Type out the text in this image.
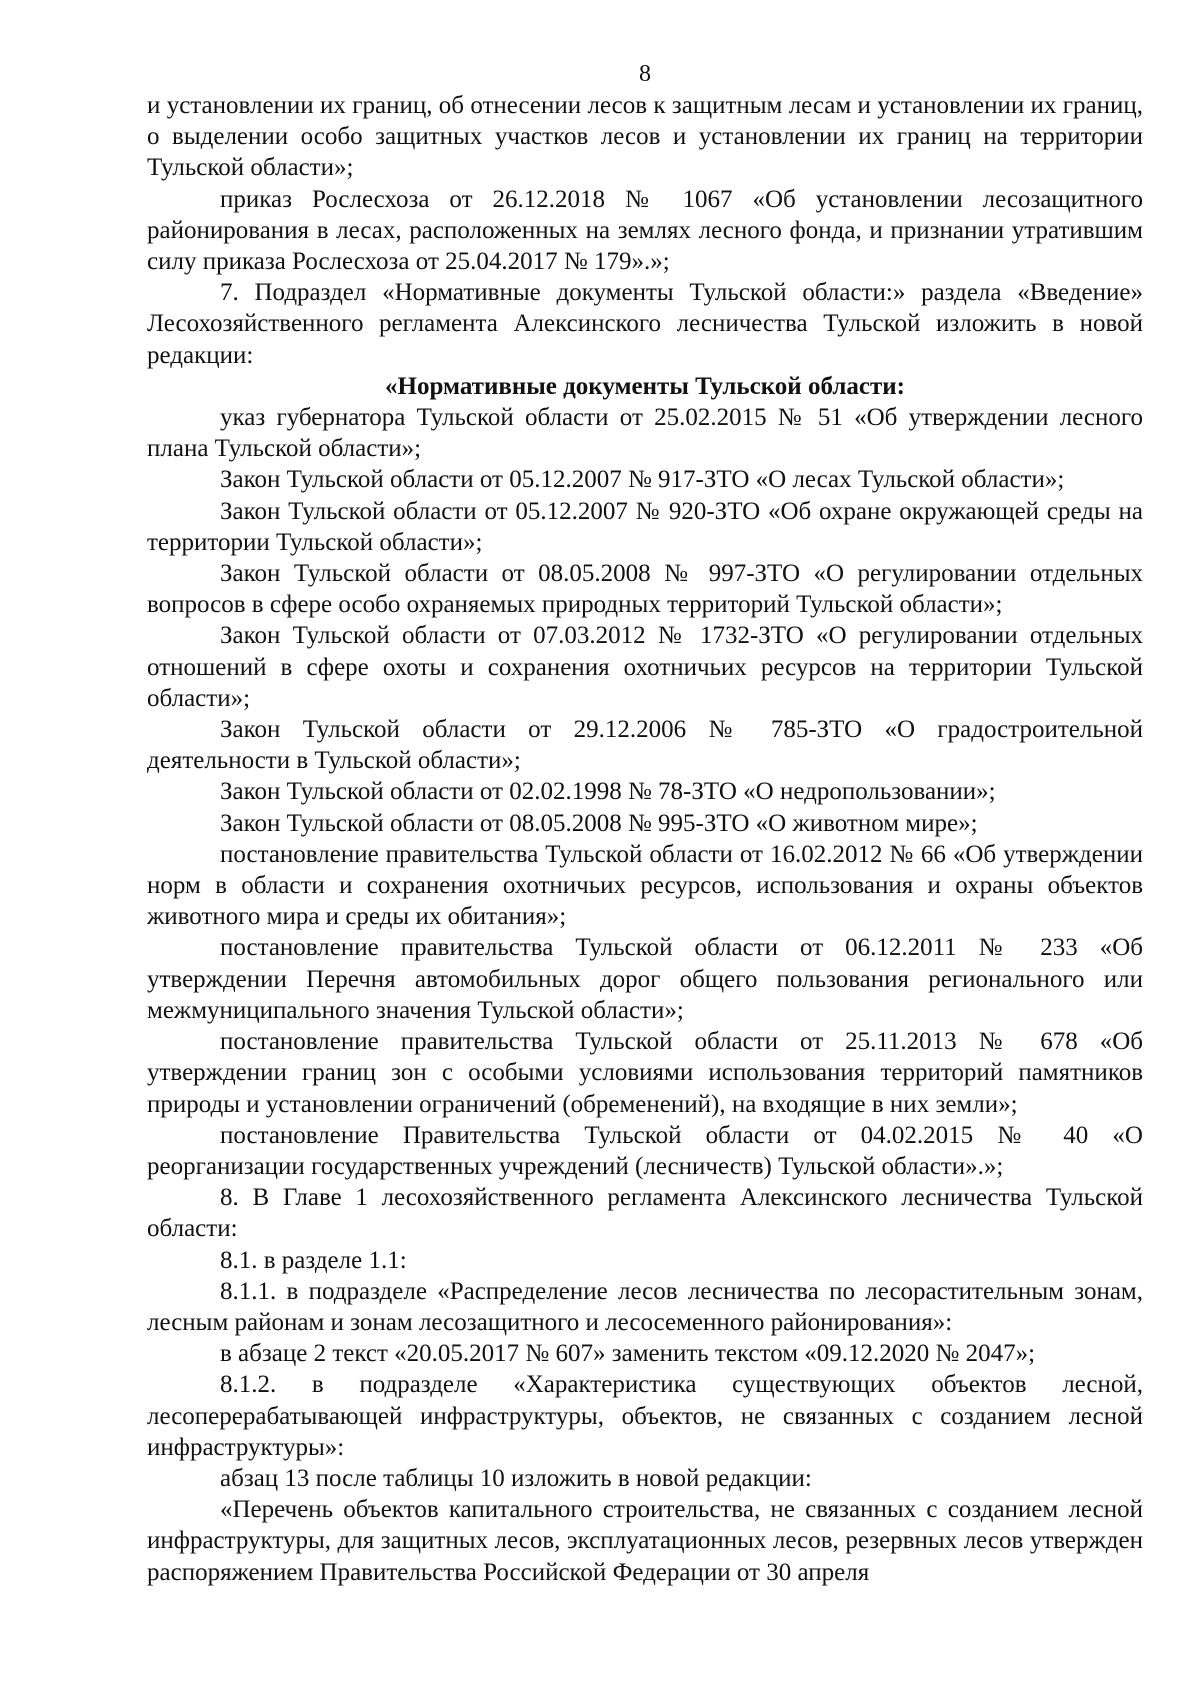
8

и установлении их границ, об отнесении лесов к защитным лесам и установлении их границ, о выделении особо защитных участков лесов и установлении их границ на территории Тульской области»;

приказ Рослесхоза от 26.12.2018 № 1067 «Об установлении лесозащитного районирования в лесах, расположенных на землях лесного фонда, и признании утратившим силу приказа Рослесхоза от 25.04.2017 № 179».»;

7. Подраздел «Нормативные документы Тульской области:» раздела «Введение» Лесохозяйственного регламента Алексинского лесничества Тульской изложить в новой редакции:

«Нормативные документы Тульской области:

указ губернатора Тульской области от 25.02.2015 № 51 «Об утверждении лесного плана Тульской области»;

Закон Тульской области от 05.12.2007 № 917-ЗТО «О лесах Тульской области»;

Закон Тульской области от 05.12.2007 № 920-ЗТО «Об охране окружающей среды на территории Тульской области»;

Закон Тульской области от 08.05.2008 № 997-ЗТО «О регулировании отдельных вопросов в сфере особо охраняемых природных территорий Тульской области»;

Закон Тульской области от 07.03.2012 № 1732-ЗТО «О регулировании отдельных отношений в сфере охоты и сохранения охотничьих ресурсов на территории Тульской области»;

Закон Тульской области от 29.12.2006 № 785-ЗТО «О градостроительной деятельности в Тульской области»;

Закон Тульской области от 02.02.1998 № 78-ЗТО «О недропользовании»;

Закон Тульской области от 08.05.2008 № 995-ЗТО «О животном мире»;

постановление правительства Тульской области от 16.02.2012 № 66 «Об утверждении норм в области и сохранения охотничьих ресурсов, использования и охраны объектов животного мира и среды их обитания»;

постановление правительства Тульской области от 06.12.2011 № 233 «Об утверждении Перечня автомобильных дорог общего пользования регионального или межмуниципального значения Тульской области»;

постановление правительства Тульской области от 25.11.2013 № 678 «Об утверждении границ зон с особыми условиями использования территорий памятников природы и установлении ограничений (обременений), на входящие в них земли»;

постановление Правительства Тульской области от 04.02.2015 № 40 «О реорганизации государственных учреждений (лесничеств) Тульской области».»;

8. В Главе 1 лесохозяйственного регламента Алексинского лесничества Тульской области:

8.1. в разделе 1.1:

8.1.1. в подразделе «Распределение лесов лесничества по лесорастительным зонам, лесным районам и зонам лесозащитного и лесосеменного районирования»:

в абзаце 2 текст «20.05.2017 № 607» заменить текстом «09.12.2020 № 2047»;

8.1.2. в подразделе «Характеристика существующих объектов лесной, лесоперерабатывающей инфраструктуры, объектов, не связанных с созданием лесной инфраструктуры»:

абзац 13 после таблицы 10 изложить в новой редакции:

«Перечень объектов капитального строительства, не связанных с созданием лесной инфраструктуры, для защитных лесов, эксплуатационных лесов, резервных лесов утвержден распоряжением Правительства Российской Федерации от 30 апреля
